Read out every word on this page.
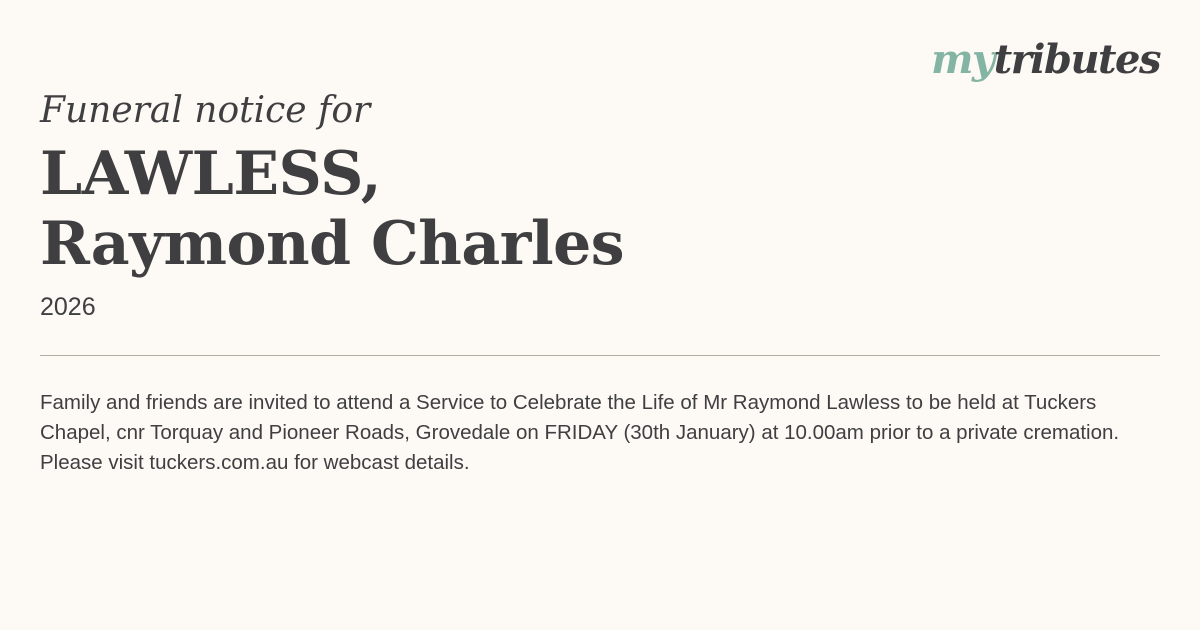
mytributes
Funeral notice for
LAWLESS,
Raymond Charles
2026

Family and friends are invited to attend a Service to Celebrate the Life of Mr Raymond Lawless to be held at Tuckers Chapel, cnr Torquay and Pioneer Roads, Grovedale on FRIDAY (30th January) at 10.00am prior to a private cremation.

Please visit tuckers.com.au for webcast details.
